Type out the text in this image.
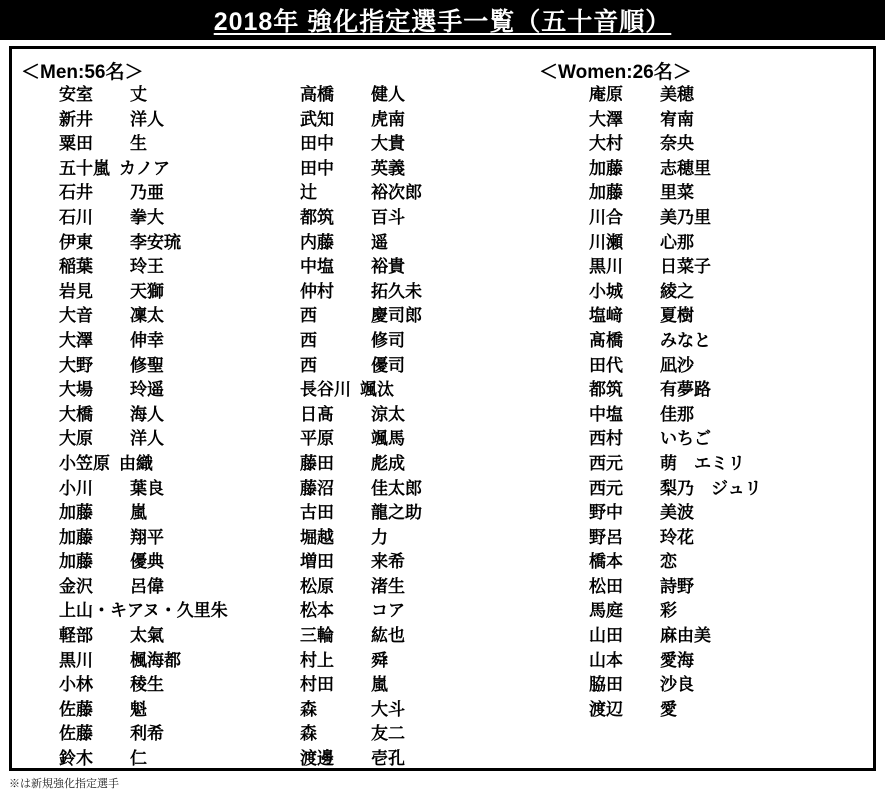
2018年 強化指定選手一覧（五十音順）
＜Men:56名＞	＜Women:26名＞
安室	丈
新井	洋人
粟田	生
五十嵐 カノア
石井	乃亜
石川	拳大
伊東	李安琉
稲葉	玲王
岩見	天獅
大音	凜太
大澤	伸幸
大野	修聖
大場	玲遥
大橋	海人
大原	洋人
小笠原 由織
小川	葉良
加藤	嵐
加藤	翔平
加藤	優典
金沢	呂偉
上山・キアヌ・久里朱
軽部	太氣
黒川	楓海都
小林	稜生
佐藤	魁
佐藤	利希
鈴木	仁
高橋	健人
武知	虎南
田中	大貴
田中	英義
辻	裕次郎
都筑	百斗
内藤	遥
中塩	裕貴
仲村	拓久未
西	慶司郎
西	修司
西	優司
長谷川 颯汰
日髙	涼太
平原	颯馬
藤田	彪成
藤沼	佳太郎
古田	龍之助
堀越	力
増田	来希
松原	渚生
松本	コア
三輪	紘也
村上	舜
村田	嵐
森	大斗
森	友二
渡邊	壱孔
庵原	美穂
大澤	宥南
大村	奈央
加藤	志穂里
加藤	里菜
川合	美乃里
川瀬	心那
黒川	日菜子
小城	綾之
塩﨑	夏樹
髙橋	みなと
田代	凪沙
都筑	有夢路
中塩	佳那
西村	いちご
西元	萌　エミリ
西元	梨乃　ジュリ
野中	美波
野呂	玲花
橋本	恋
松田	詩野
馬庭	彩
山田	麻由美
山本	愛海
脇田	沙良
渡辺	愛
※は新規強化指定選手
